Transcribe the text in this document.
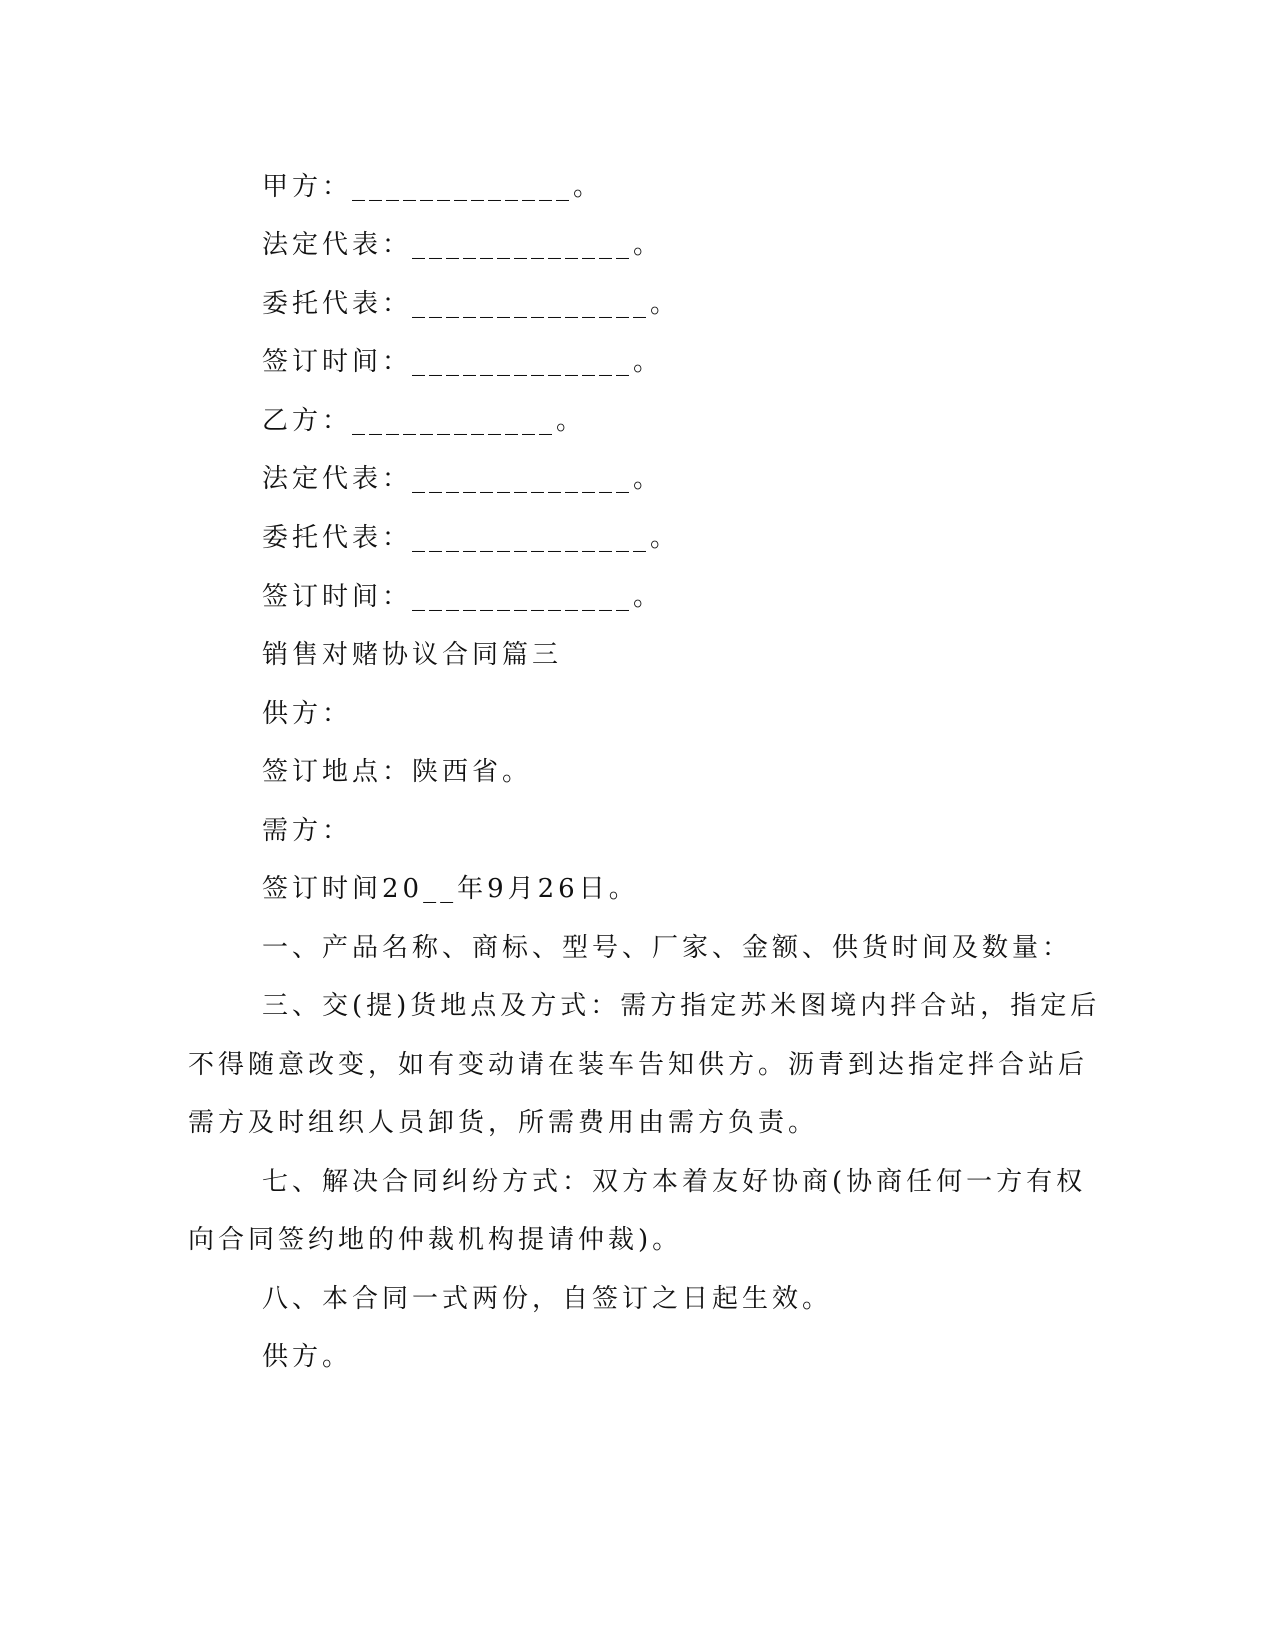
甲方：_____________。
法定代表：_____________。
委托代表：______________。
签订时间：_____________。
乙方：____________。
法定代表：_____________。
委托代表：______________。
签订时间：_____________。
销售对赌协议合同篇三
供方：
签订地点：陕西省。
需方：
签订时间20__年9月26日。
一、产品名称、商标、型号、厂家、金额、供货时间及数量：
三、交(提)货地点及方式：需方指定苏米图境内拌合站，指定后
不得随意改变，如有变动请在装车告知供方。沥青到达指定拌合站后
需方及时组织人员卸货，所需费用由需方负责。
七、解决合同纠纷方式：双方本着友好协商(协商任何一方有权
向合同签约地的仲裁机构提请仲裁)。
八、本合同一式两份，自签订之日起生效。
供方。
